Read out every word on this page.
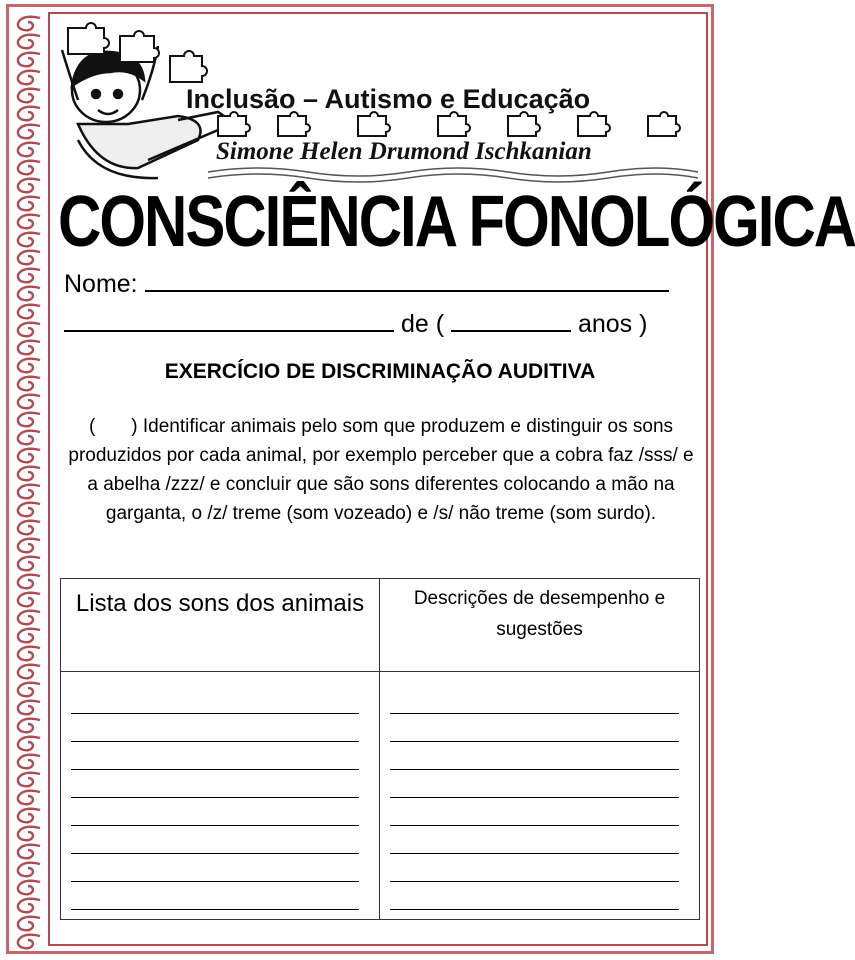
Inclusão – Autismo e Educação
Simone Helen Drumond Ischkanian
CONSCIÊNCIA FONOLÓGICA
Nome:
de (	anos )
EXERCÍCIO DE DISCRIMINAÇÃO AUDITIVA
( ) Identificar animais pelo som que produzem e distinguir os sons produzidos por cada animal, por exemplo perceber que a cobra faz /sss/ e a abelha /zzz/ e concluir que são sons diferentes colocando a mão na garganta, o /z/ treme (som vozeado) e /s/ não treme (som surdo).
Lista dos sons dos animais	Descrições de desempenho e sugestões
